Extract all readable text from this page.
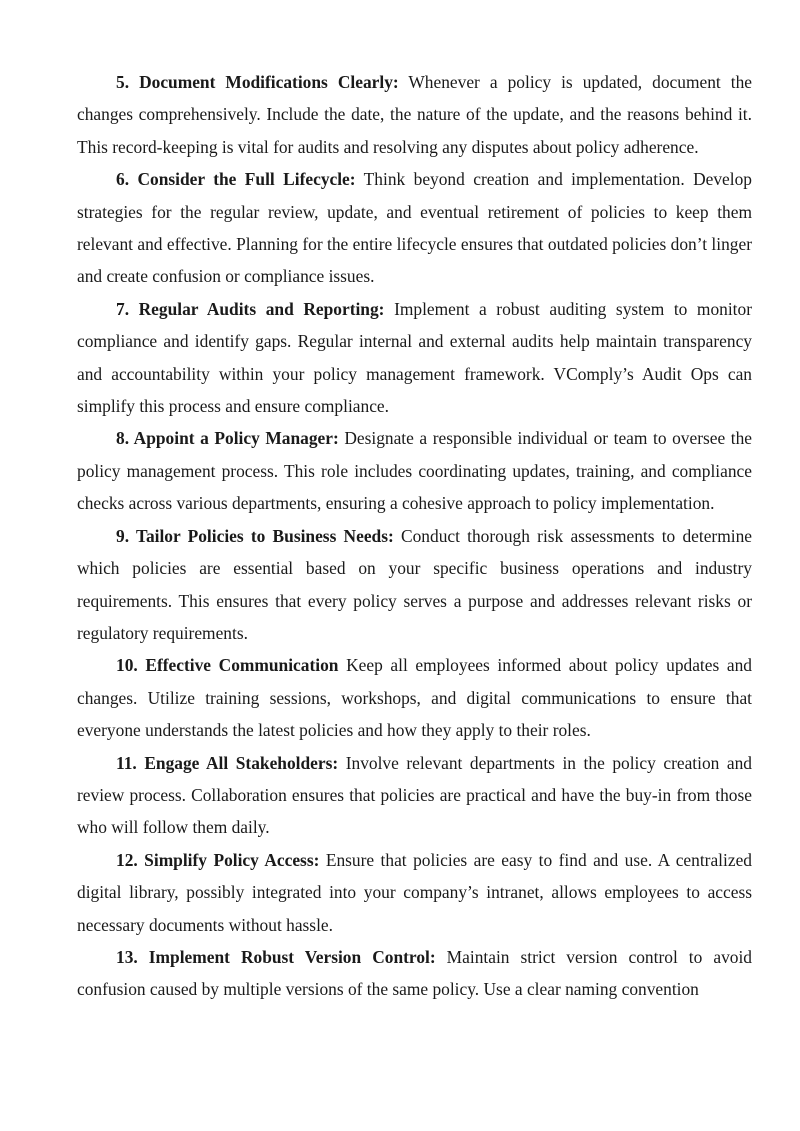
5. Document Modifications Clearly: Whenever a policy is updated, document the changes comprehensively. Include the date, the nature of the update, and the reasons behind it. This record-keeping is vital for audits and resolving any disputes about policy adherence.

6. Consider the Full Lifecycle: Think beyond creation and implementation. Develop strategies for the regular review, update, and eventual retirement of policies to keep them relevant and effective. Planning for the entire lifecycle ensures that outdated policies don’t linger and create confusion or compliance issues.

7. Regular Audits and Reporting: Implement a robust auditing system to monitor compliance and identify gaps. Regular internal and external audits help maintain transparency and accountability within your policy management framework. VComply’s Audit Ops can simplify this process and ensure compliance.

8. Appoint a Policy Manager: Designate a responsible individual or team to oversee the policy management process. This role includes coordinating updates, training, and compliance checks across various departments, ensuring a cohesive approach to policy implementation.

9. Tailor Policies to Business Needs: Conduct thorough risk assessments to determine which policies are essential based on your specific business operations and industry requirements. This ensures that every policy serves a purpose and addresses relevant risks or regulatory requirements.

10. Effective Communication Keep all employees informed about policy updates and changes. Utilize training sessions, workshops, and digital communications to ensure that everyone understands the latest policies and how they apply to their roles.

11. Engage All Stakeholders: Involve relevant departments in the policy creation and review process. Collaboration ensures that policies are practical and have the buy-in from those who will follow them daily.

12. Simplify Policy Access: Ensure that policies are easy to find and use. A centralized digital library, possibly integrated into your company’s intranet, allows employees to access necessary documents without hassle.

13. Implement Robust Version Control: Maintain strict version control to avoid confusion caused by multiple versions of the same policy. Use a clear naming convention
